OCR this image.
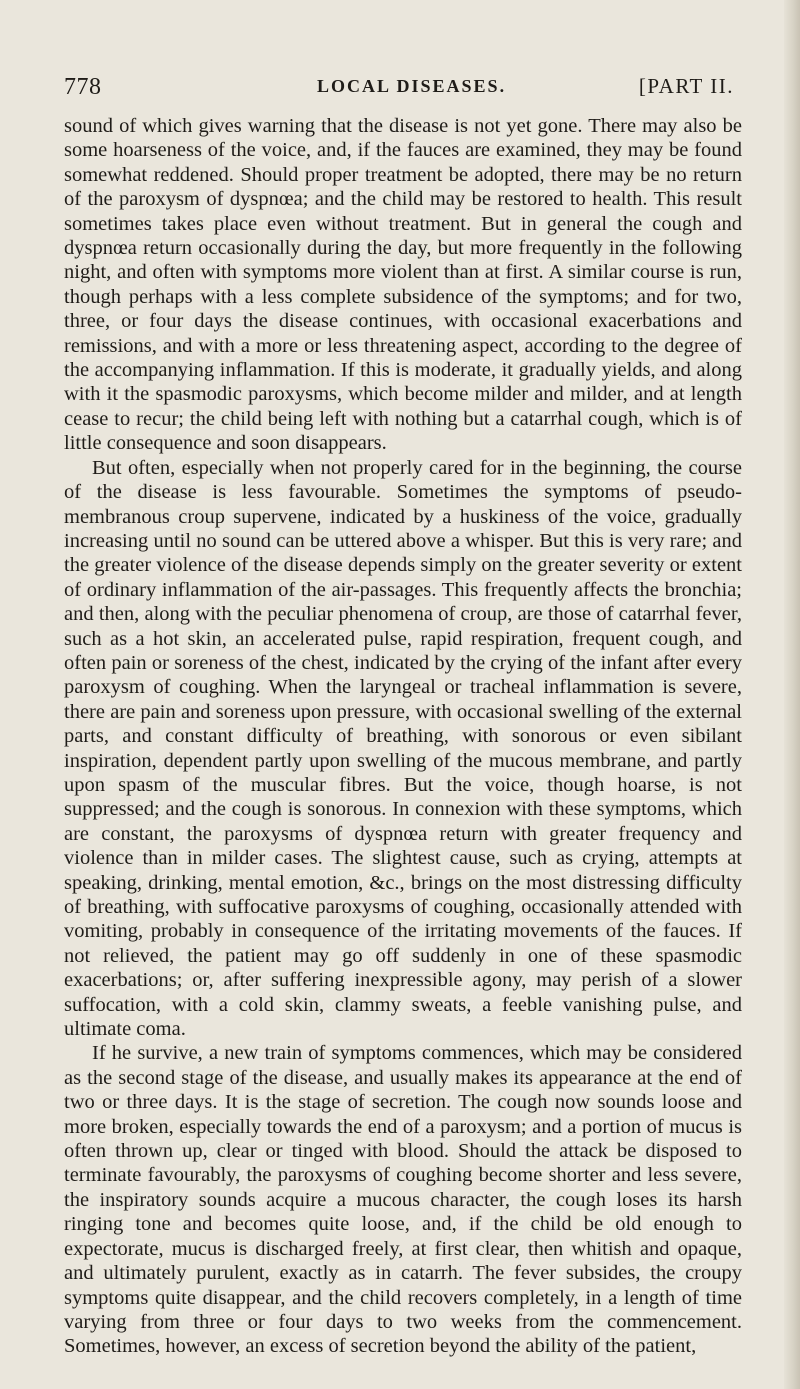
778	LOCAL DISEASES.	[PART II.

sound of which gives warning that the disease is not yet gone. There may also be some hoarseness of the voice, and, if the fauces are examined, they may be found somewhat reddened. Should proper treatment be adopted, there may be no return of the paroxysm of dyspnœa; and the child may be restored to health. This result sometimes takes place even without treatment. But in general the cough and dyspnœa return occasionally during the day, but more frequently in the following night, and often with symptoms more violent than at first. A similar course is run, though perhaps with a less complete subsidence of the symptoms; and for two, three, or four days the disease continues, with occasional exacerbations and remissions, and with a more or less threatening aspect, according to the degree of the accompanying inflammation. If this is moderate, it gradually yields, and along with it the spasmodic paroxysms, which become milder and milder, and at length cease to recur; the child being left with nothing but a catarrhal cough, which is of little consequence and soon disappears.

But often, especially when not properly cared for in the beginning, the course of the disease is less favourable. Sometimes the symptoms of pseudo-membranous croup supervene, indicated by a huskiness of the voice, gradually increasing until no sound can be uttered above a whisper. But this is very rare; and the greater violence of the disease depends simply on the greater severity or extent of ordinary inflammation of the air-passages. This frequently affects the bronchia; and then, along with the peculiar phenomena of croup, are those of catarrhal fever, such as a hot skin, an accelerated pulse, rapid respiration, frequent cough, and often pain or soreness of the chest, indicated by the crying of the infant after every paroxysm of coughing. When the laryngeal or tracheal inflammation is severe, there are pain and soreness upon pressure, with occasional swelling of the external parts, and constant difficulty of breathing, with sonorous or even sibilant inspiration, dependent partly upon swelling of the mucous membrane, and partly upon spasm of the muscular fibres. But the voice, though hoarse, is not suppressed; and the cough is sonorous. In connexion with these symptoms, which are constant, the paroxysms of dyspnœa return with greater frequency and violence than in milder cases. The slightest cause, such as crying, attempts at speaking, drinking, mental emotion, &c., brings on the most distressing difficulty of breathing, with suffocative paroxysms of coughing, occasionally attended with vomiting, probably in consequence of the irritating movements of the fauces. If not relieved, the patient may go off suddenly in one of these spasmodic exacerbations; or, after suffering inexpressible agony, may perish of a slower suffocation, with a cold skin, clammy sweats, a feeble vanishing pulse, and ultimate coma.

If he survive, a new train of symptoms commences, which may be considered as the second stage of the disease, and usually makes its appearance at the end of two or three days. It is the stage of secretion. The cough now sounds loose and more broken, especially towards the end of a paroxysm; and a portion of mucus is often thrown up, clear or tinged with blood. Should the attack be disposed to terminate favourably, the paroxysms of coughing become shorter and less severe, the inspiratory sounds acquire a mucous character, the cough loses its harsh ringing tone and becomes quite loose, and, if the child be old enough to expectorate, mucus is discharged freely, at first clear, then whitish and opaque, and ultimately purulent, exactly as in catarrh. The fever subsides, the croupy symptoms quite disappear, and the child recovers completely, in a length of time varying from three or four days to two weeks from the commencement. Sometimes, however, an excess of secretion beyond the ability of the patient,
